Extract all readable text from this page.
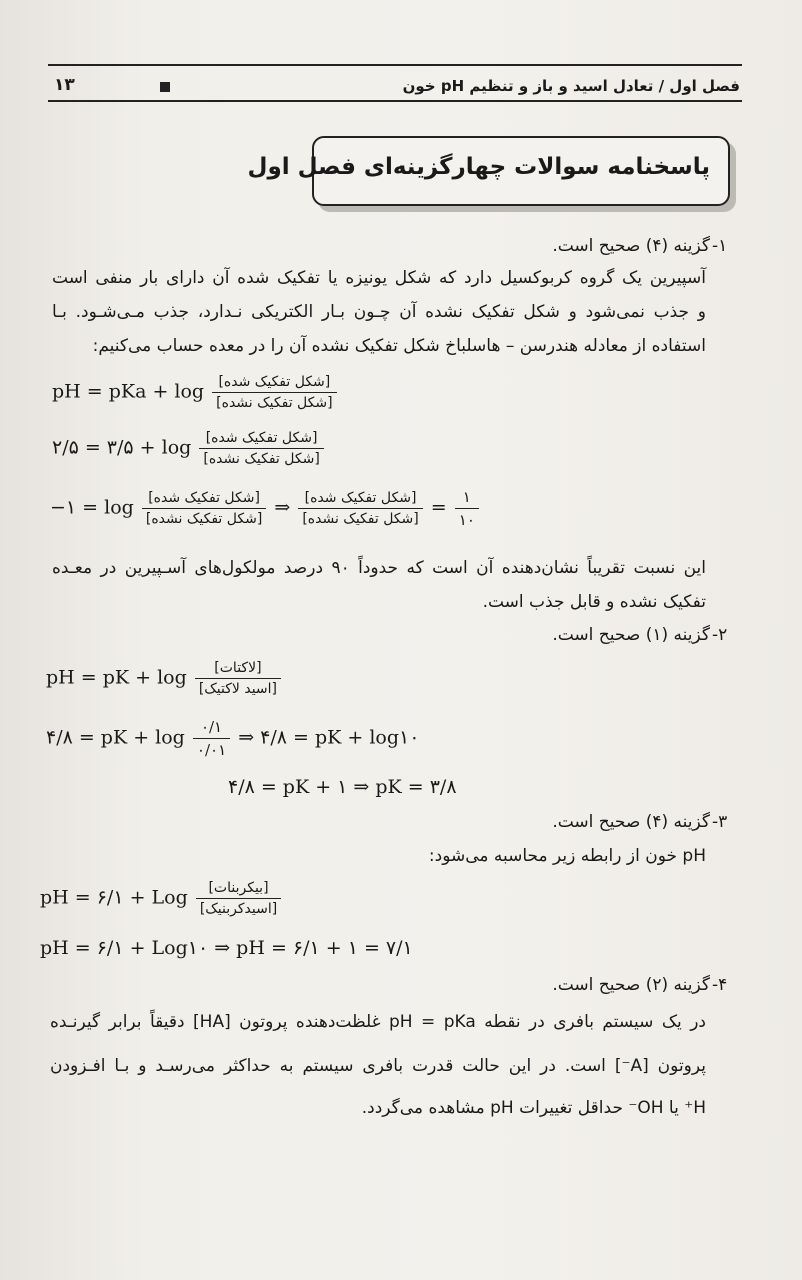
۱۳	فصل اول / تعادل اسید و باز و تنظیم pH خون
پاسخنامه سوالات چهارگزینه‌ای فصل اول
-۱
گزینه (۴) صحیح است.
آسپیرین یک گروه کربوکسیل دارد که شکل یونیزه یا تفکیک شده آن دارای بار منفی است
و جذب نمی‌شود و شکل تفکیک نشده آن چـون بـار الکتریکی نـدارد، جذب مـی‌شـود. بـا
استفاده از معادله هندرسن – هاسلباخ شکل تفکیک نشده آن را در معده حساب می‌کنیم:
pH = pKa + $\log \frac{\text{[شکل تفکیک شده]}}{\text{[شکل تفکیک نشده]}}$
۲/۵ = ۳/۵ + $\log \frac{\text{[شکل تفکیک شده]}}{\text{[شکل تفکیک نشده]}}$
−۱ = $\log \frac{\text{[شکل تفکیک شده]}}{\text{[شکل تفکیک نشده]}}$ ⇒ $\frac{\text{[شکل تفکیک شده]}}{\text{[شکل تفکیک نشده]}} = \frac{۱}{۱۰}$
این نسبت تقریباً نشان‌دهنده آن است که حدوداً ۹۰ درصد مولکول‌های آسـپیرین در معـده
تفکیک نشده و قابل جذب است.
-۲
گزینه (۱) صحیح است.
pH = pK + $\log \frac{\text{[لاکتات]}}{\text{[اسید لاکتیک]}}$
۴/۸ = pK + $\log \frac{۰/۱}{۰/۰۱}$ ⇒ ۴/۸ = pK + log۱۰
۴/۸ = pK + ۱ ⇒ pK = ۳/۸
-۳
گزینه (۴) صحیح است.
pH خون از رابطه زیر محاسبه می‌شود:
pH = ۶/۱ + Log $\frac{\text{[بیکربنات]}}{\text{[اسیدکربنیک]}}$
pH = ۶/۱ + Log۱۰ ⇒ pH = ۶/۱ + ۱ = ۷/۱
-۴
گزینه (۲) صحیح است.
در یک سیستم بافری در نقطه pH = pKa غلظت‌دهنده پروتون [HA] دقیقاً برابر گیرنـده
پروتون [A⁻] است. در این حالت قدرت بافری سیستم به حداکثر می‌رسـد و بـا افـزودن
H⁺ یا OH⁻ حداقل تغییرات pH مشاهده می‌گردد.
